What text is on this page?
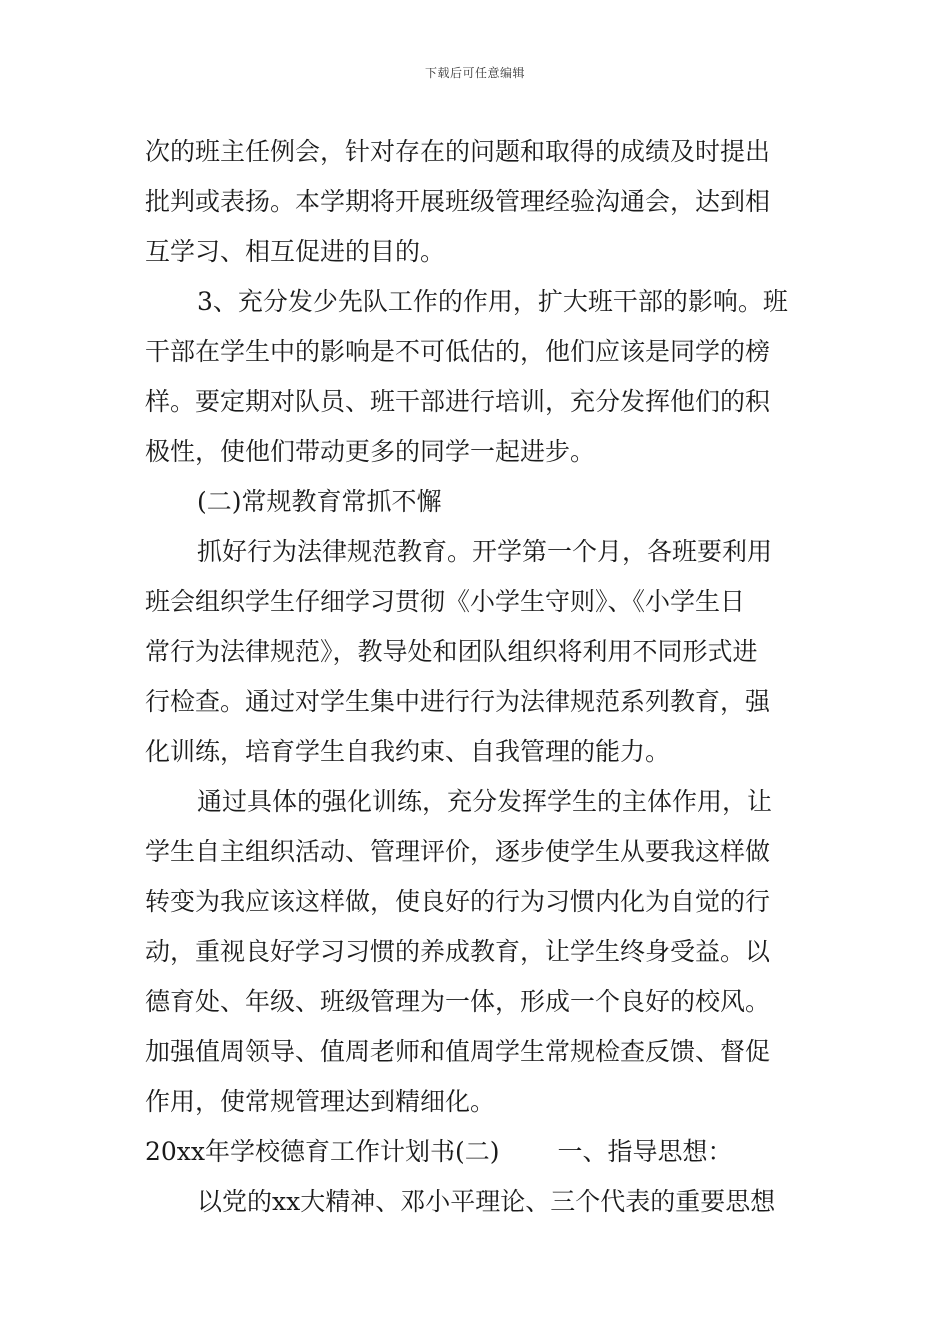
下载后可任意编辑
次的班主任例会，针对存在的问题和取得的成绩及时提出
批判或表扬。本学期将开展班级管理经验沟通会，达到相
互学习、相互促进的目的。
3、充分发少先队工作的作用，扩大班干部的影响。班
干部在学生中的影响是不可低估的，他们应该是同学的榜
样。要定期对队员、班干部进行培训，充分发挥他们的积
极性，使他们带动更多的同学一起进步。
(二)常规教育常抓不懈
抓好行为法律规范教育。开学第一个月，各班要利用
班会组织学生仔细学习贯彻《小学生守则》、《小学生日
常行为法律规范》，教导处和团队组织将利用不同形式进
行检查。通过对学生集中进行行为法律规范系列教育，强
化训练，培育学生自我约束、自我管理的能力。
通过具体的强化训练，充分发挥学生的主体作用，让
学生自主组织活动、管理评价，逐步使学生从要我这样做
转变为我应该这样做，使良好的行为习惯内化为自觉的行
动，重视良好学习习惯的养成教育，让学生终身受益。以
德育处、年级、班级管理为一体，形成一个良好的校风。
加强值周领导、值周老师和值周学生常规检查反馈、督促
作用，使常规管理达到精细化。
20xx年学校德育工作计划书(二) 一、指导思想：
以党的xx大精神、邓小平理论、三个代表的重要思想
